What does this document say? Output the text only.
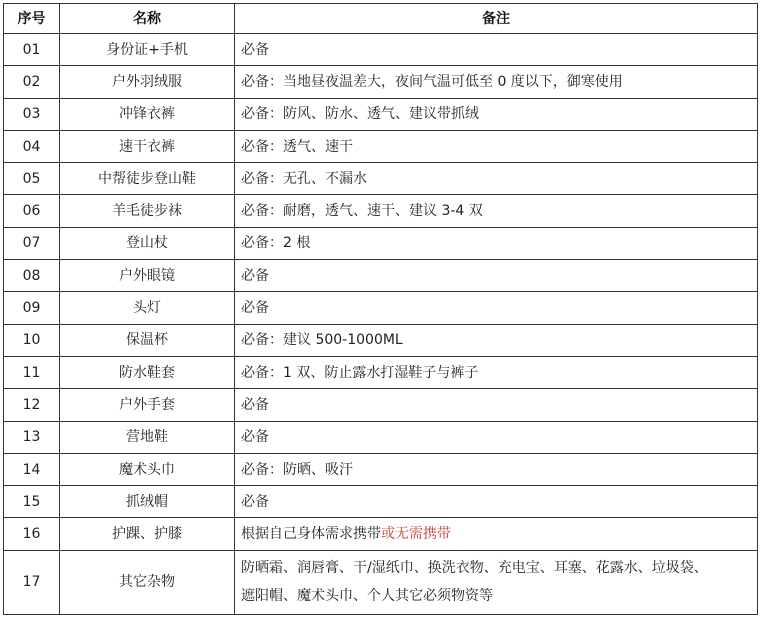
序号	名称	备注
01	身份证+手机	必备
02	户外羽绒服	必备：当地昼夜温差大，夜间气温可低至 0 度以下，御寒使用
03	冲锋衣裤	必备：防风、防水、透气、建议带抓绒
04	速干衣裤	必备：透气、速干
05	中帮徒步登山鞋	必备：无孔、不漏水
06	羊毛徒步袜	必备：耐磨，透气、速干、建议 3-4 双
07	登山杖	必备：2 根
08	户外眼镜	必备
09	头灯	必备
10	保温杯	必备：建议 500-1000ML
11	防水鞋套	必备：1 双、防止露水打湿鞋子与裤子
12	户外手套	必备
13	营地鞋	必备
14	魔术头巾	必备：防晒、吸汗
15	抓绒帽	必备
16	护踝、护膝	根据自己身体需求携带或无需携带
17	其它杂物	防晒霜、润唇膏、干/湿纸巾、换洗衣物、充电宝、耳塞、花露水、垃圾袋、
遮阳帽、魔术头巾、个人其它必须物资等
